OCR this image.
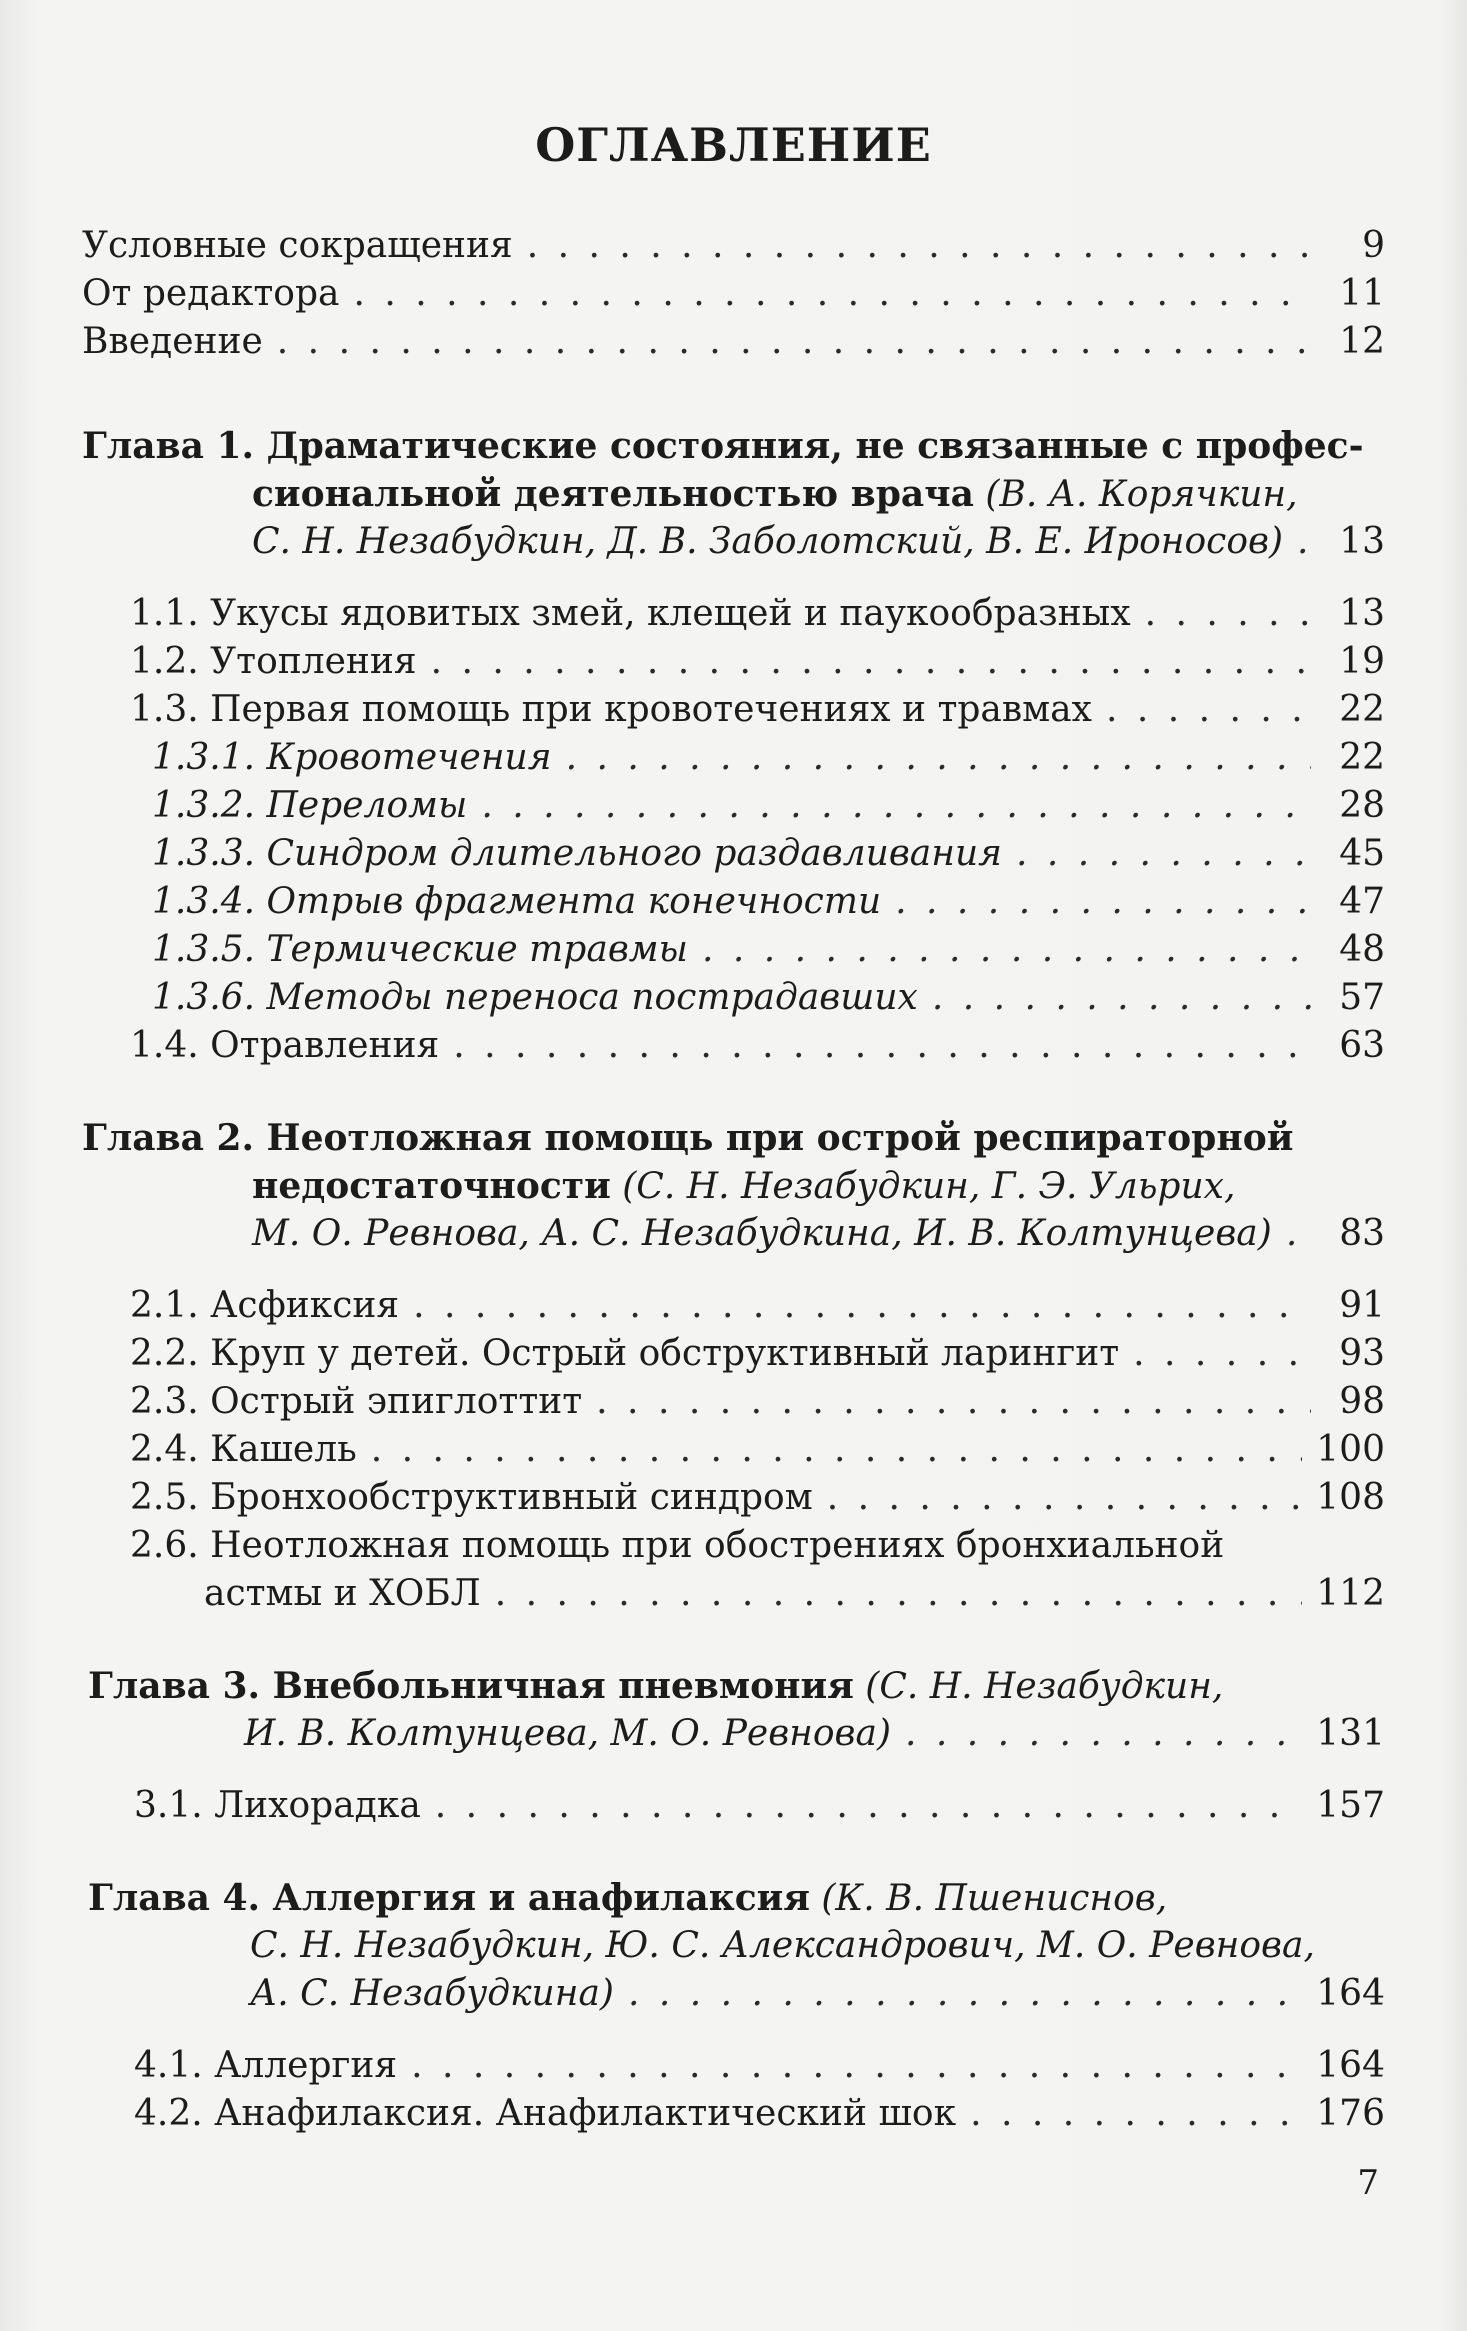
ОГЛАВЛЕНИЕ
Условные сокращения . . .	9
От редактора . . .	11
Введение . . .	12
Глава 1. Драматические состояния, не связанные с профес-
сиональной деятельностью врача (В. А. Корячкин,
С. Н. Незабудкин, Д. В. Заболотский, В. Е. Ироносов) . . .	13
1.1. Укусы ядовитых змей, клещей и паукообразных . . .	13
1.2. Утопления . . .	19
1.3. Первая помощь при кровотечениях и травмах . . .	22
1.3.1. Кровотечения . . .	22
1.3.2. Переломы . . .	28
1.3.3. Синдром длительного раздавливания . . .	45
1.3.4. Отрыв фрагмента конечности . . .	47
1.3.5. Термические травмы . . .	48
1.3.6. Методы переноса пострадавших . . .	57
1.4. Отравления . . .	63
Глава 2. Неотложная помощь при острой респираторной
недостаточности (С. Н. Незабудкин, Г. Э. Ульрих,
М. О. Ревнова, А. С. Незабудкина, И. В. Колтунцева) . . .	83
2.1. Асфиксия . . .	91
2.2. Круп у детей. Острый обструктивный ларингит . . .	93
2.3. Острый эпиглоттит . . .	98
2.4. Кашель . . .	100
2.5. Бронхообструктивный синдром . . .	108
2.6. Неотложная помощь при обострениях бронхиальной
астмы и ХОБЛ . . .	112
Глава 3. Внебольничная пневмония (С. Н. Незабудкин,
И. В. Колтунцева, М. О. Ревнова) . . .	131
3.1. Лихорадка . . .	157
Глава 4. Аллергия и анафилаксия (К. В. Пшениснов,
С. Н. Незабудкин, Ю. С. Александрович, М. О. Ревнова,
А. С. Незабудкина) . . .	164
4.1. Аллергия . . .	164
4.2. Анафилаксия. Анафилактический шок . . .	176
7
